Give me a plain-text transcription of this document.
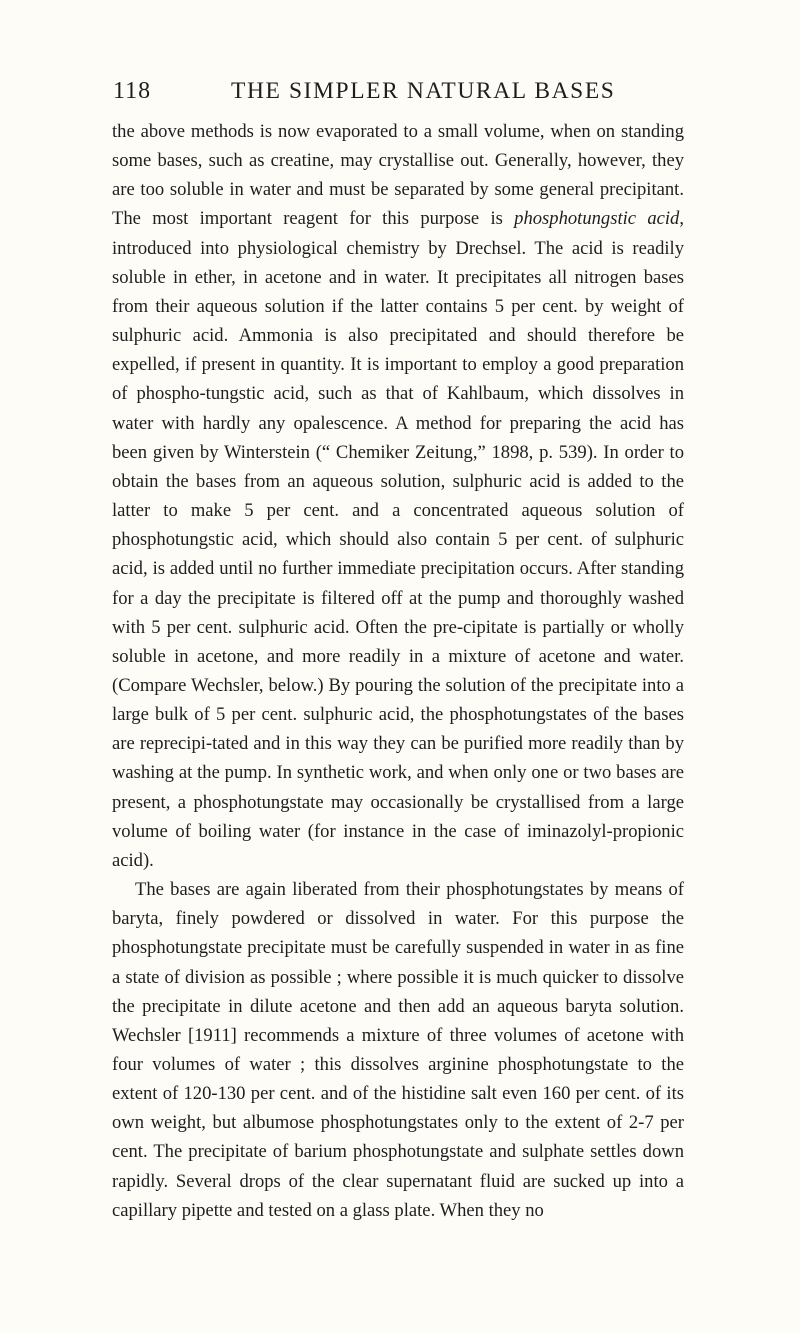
118	THE SIMPLER NATURAL BASES

the above methods is now evaporated to a small volume, when on standing some bases, such as creatine, may crystallise out. Generally, however, they are too soluble in water and must be separated by some general precipitant. The most important reagent for this purpose is phosphotungstic acid, introduced into physiological chemistry by Drechsel. The acid is readily soluble in ether, in acetone and in water. It precipitates all nitrogen bases from their aqueous solution if the latter contains 5 per cent. by weight of sulphuric acid. Ammonia is also precipitated and should therefore be expelled, if present in quantity. It is important to employ a good preparation of phospho-tungstic acid, such as that of Kahlbaum, which dissolves in water with hardly any opalescence. A method for preparing the acid has been given by Winterstein (“ Chemiker Zeitung,” 1898, p. 539). In order to obtain the bases from an aqueous solution, sulphuric acid is added to the latter to make 5 per cent. and a concentrated aqueous solution of phosphotungstic acid, which should also contain 5 per cent. of sulphuric acid, is added until no further immediate precipitation occurs. After standing for a day the precipitate is filtered off at the pump and thoroughly washed with 5 per cent. sulphuric acid. Often the pre-cipitate is partially or wholly soluble in acetone, and more readily in a mixture of acetone and water. (Compare Wechsler, below.) By pouring the solution of the precipitate into a large bulk of 5 per cent. sulphuric acid, the phosphotungstates of the bases are reprecipi-tated and in this way they can be purified more readily than by washing at the pump. In synthetic work, and when only one or two bases are present, a phosphotungstate may occasionally be crystallised from a large volume of boiling water (for instance in the case of iminazolyl-propionic acid).

The bases are again liberated from their phosphotungstates by means of baryta, finely powdered or dissolved in water. For this purpose the phosphotungstate precipitate must be carefully suspended in water in as fine a state of division as possible ; where possible it is much quicker to dissolve the precipitate in dilute acetone and then add an aqueous baryta solution. Wechsler [1911] recommends a mixture of three volumes of acetone with four volumes of water ; this dissolves arginine phosphotungstate to the extent of 120-130 per cent. and of the histidine salt even 160 per cent. of its own weight, but albumose phosphotungstates only to the extent of 2-7 per cent. The precipitate of barium phosphotungstate and sulphate settles down rapidly. Several drops of the clear supernatant fluid are sucked up into a capillary pipette and tested on a glass plate. When they no
